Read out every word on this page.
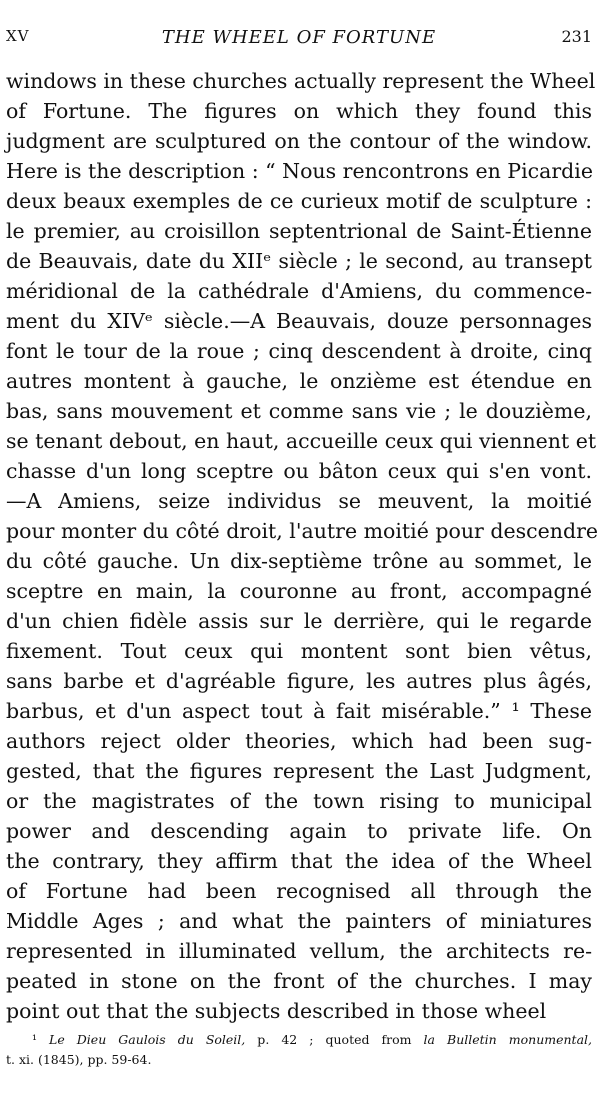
XV	THE WHEEL OF FORTUNE	231
windows in these churches actually represent the Wheel
of Fortune. The figures on which they found this
judgment are sculptured on the contour of the window.
Here is the description : “ Nous rencontrons en Picardie
deux beaux exemples de ce curieux motif de sculpture :
le premier, au croisillon septentrional de Saint-Étienne
de Beauvais, date du XIIᵉ siècle ; le second, au transept
méridional de la cathédrale d'Amiens, du commence-
ment du XIVᵉ siècle.—A Beauvais, douze personnages
font le tour de la roue ; cinq descendent à droite, cinq
autres montent à gauche, le onzième est étendue en
bas, sans mouvement et comme sans vie ; le douzième,
se tenant debout, en haut, accueille ceux qui viennent et
chasse d'un long sceptre ou bâton ceux qui s'en vont.
—A Amiens, seize individus se meuvent, la moitié
pour monter du côté droit, l'autre moitié pour descendre
du côté gauche. Un dix-septième trône au sommet, le
sceptre en main, la couronne au front, accompagné
d'un chien fidèle assis sur le derrière, qui le regarde
fixement. Tout ceux qui montent sont bien vêtus,
sans barbe et d'agréable figure, les autres plus âgés,
barbus, et d'un aspect tout à fait misérable.” ¹ These
authors reject older theories, which had been sug-
gested, that the figures represent the Last Judgment,
or the magistrates of the town rising to municipal
power and descending again to private life. On
the contrary, they affirm that the idea of the Wheel
of Fortune had been recognised all through the
Middle Ages ; and what the painters of miniatures
represented in illuminated vellum, the architects re-
peated in stone on the front of the churches. I may
point out that the subjects described in those wheel
¹ Le Dieu Gaulois du Soleil, p. 42 ; quoted from la Bulletin monumental,
t. xi. (1845), pp. 59-64.
